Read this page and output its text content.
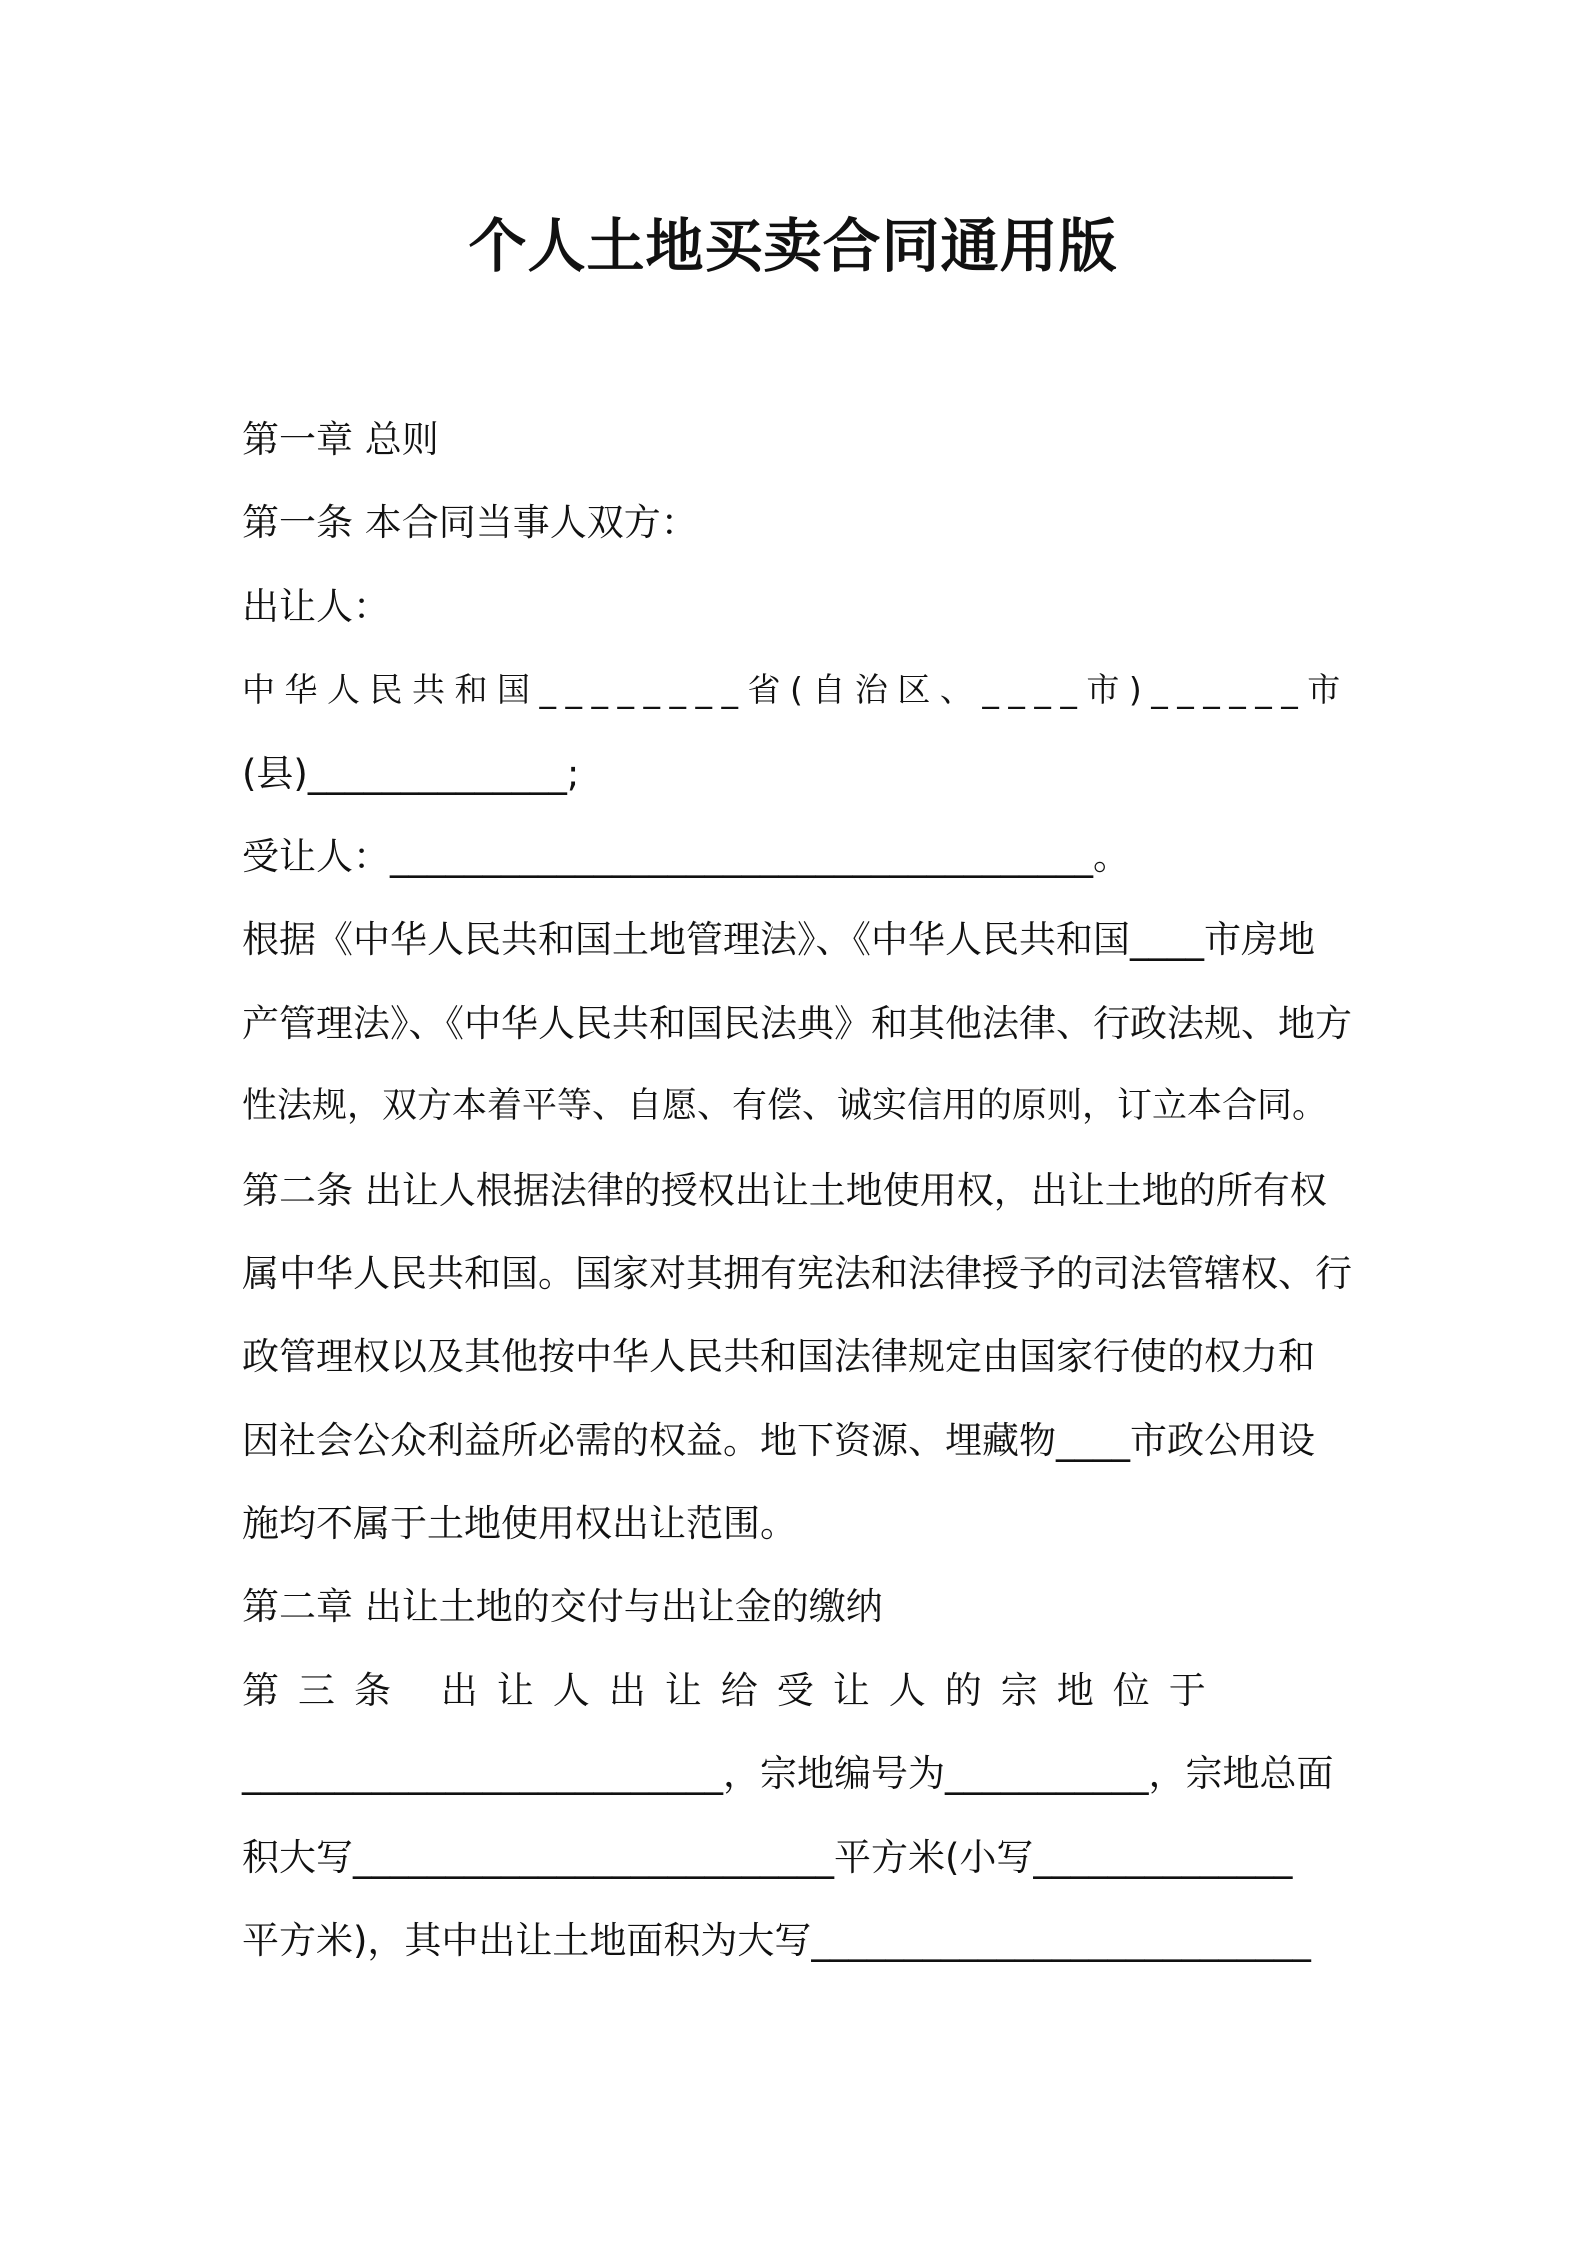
个人土地买卖合同通用版
第一章 总则
第一条 本合同当事人双方：
出让人：
中华人民共和国________省(自治区、____市)______市
(县)______________;
受让人：______________________________________。
根据《中华人民共和国土地管理法》、《中华人民共和国____市房地
产管理法》、《中华人民共和国民法典》和其他法律、行政法规、地方
性法规，双方本着平等、自愿、有偿、诚实信用的原则，订立本合同。
第二条 出让人根据法律的授权出让土地使用权，出让土地的所有权
属中华人民共和国。国家对其拥有宪法和法律授予的司法管辖权、行
政管理权以及其他按中华人民共和国法律规定由国家行使的权力和
因社会公众利益所必需的权益。地下资源、埋藏物____市政公用设
施均不属于土地使用权出让范围。
第二章 出让土地的交付与出让金的缴纳
第三条 出让人出让给受让人的宗地位于
__________________________，宗地编号为___________，宗地总面
积大写__________________________平方米(小写______________
平方米)，其中出让土地面积为大写___________________________
